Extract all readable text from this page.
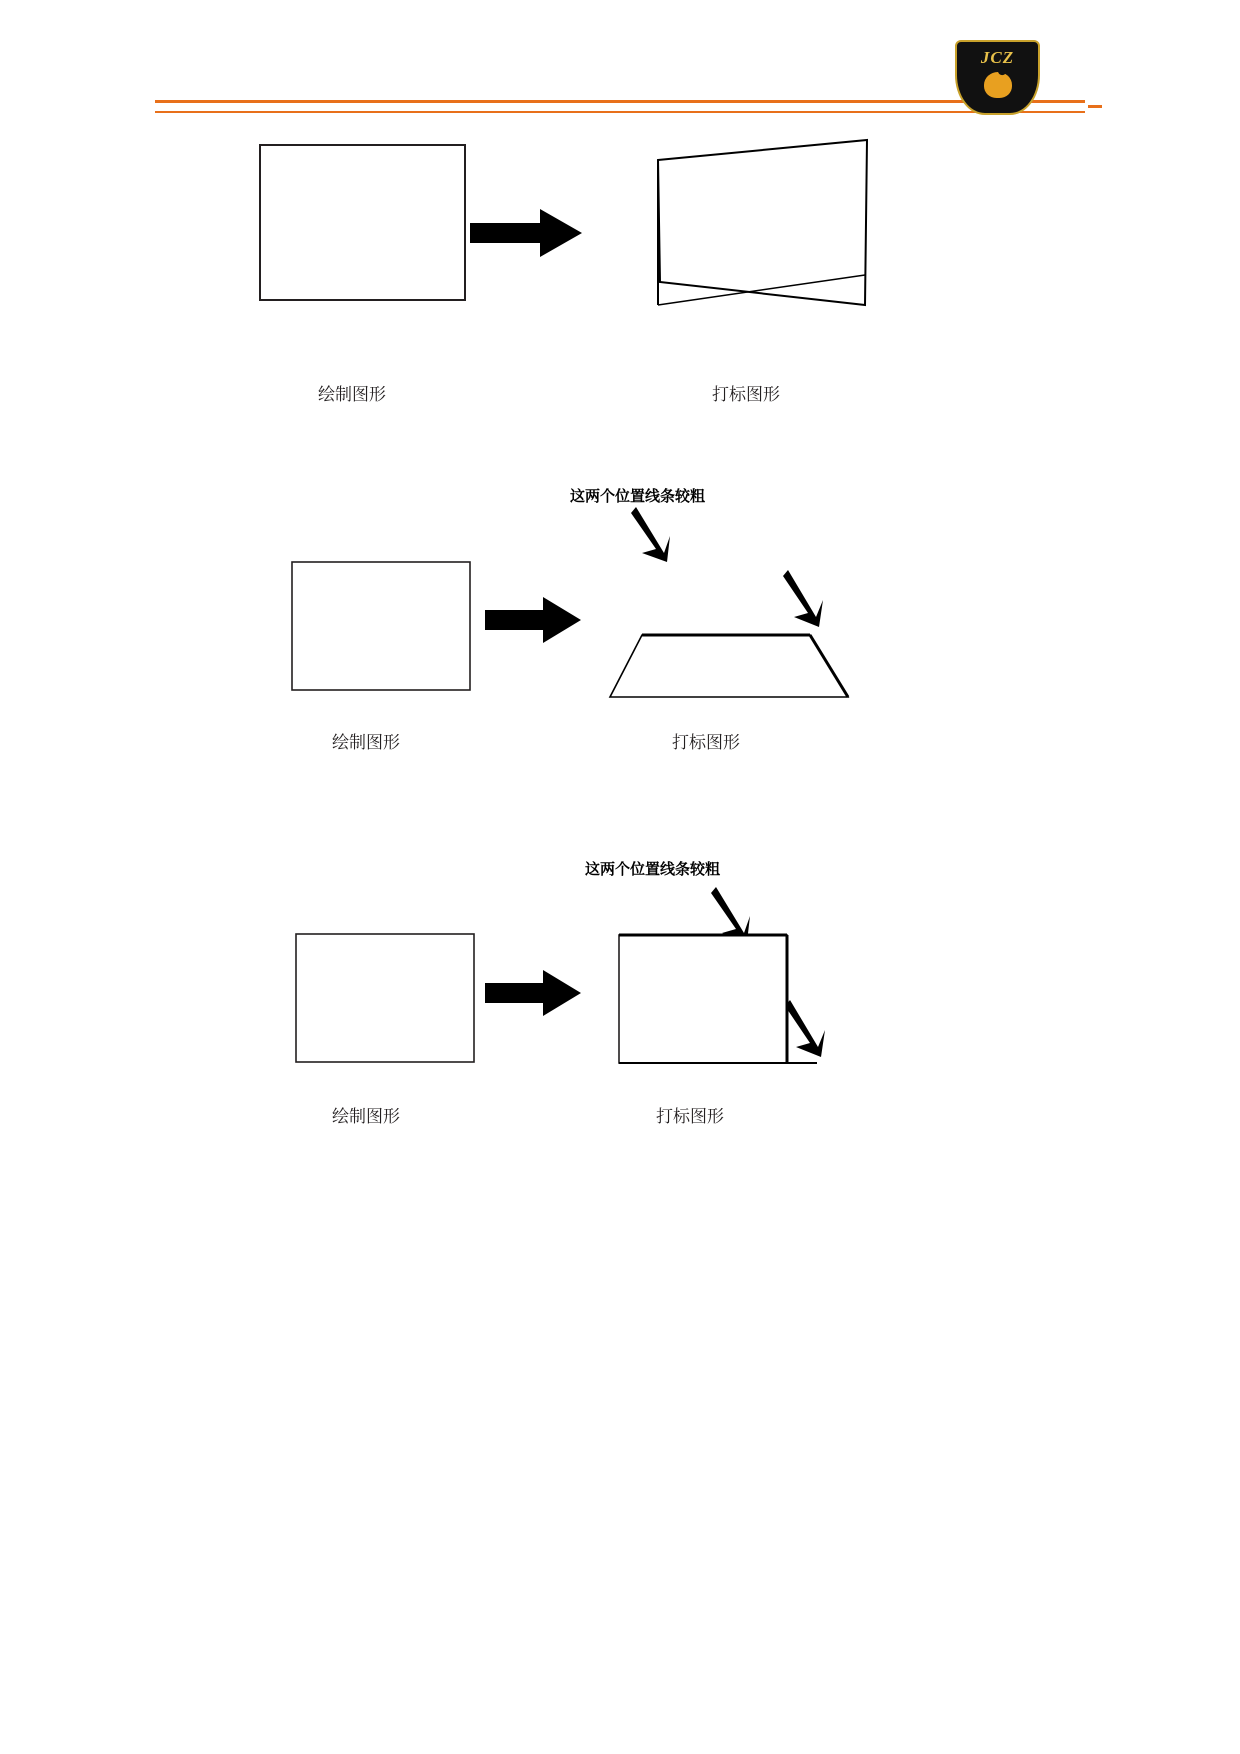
JCZ
绘制图形	打标图形
这两个位置线条较粗
绘制图形	打标图形
这两个位置线条较粗
绘制图形	打标图形
